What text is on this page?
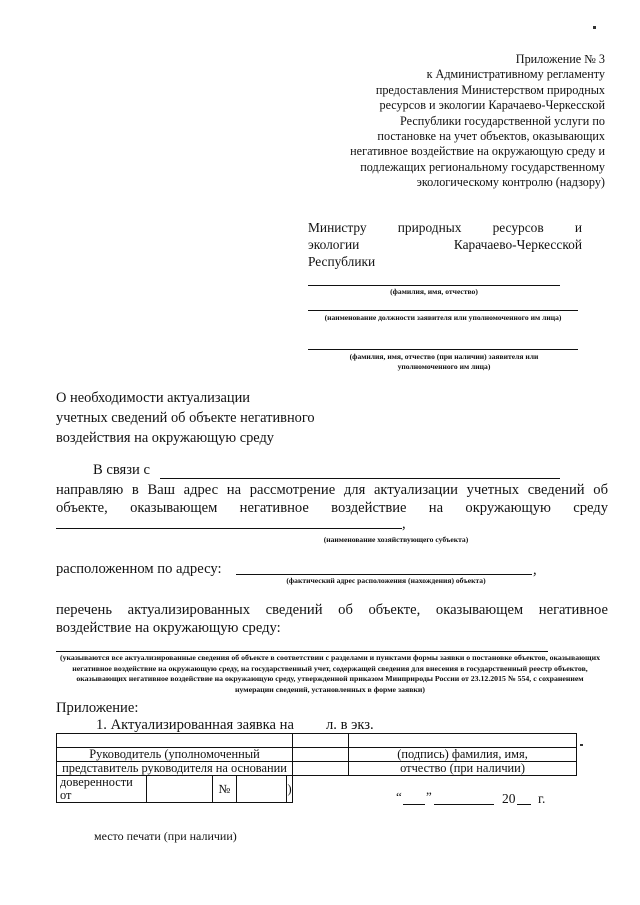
Приложение № 3
к Административному регламенту
предоставления Министерством природных
ресурсов и экологии Карачаево-Черкесской
Республики государственной услуги по
постановке на учет объектов, оказывающих
негативное воздействие на окружающую среду и
подлежащих региональному государственному
экологическому контролю (надзору)
Министру природных ресурсов и
экологии Карачаево-Черкесской
Республики
(фамилия, имя, отчество)
(наименование должности заявителя или уполномоченного им лица)
(фамилия, имя, отчество (при наличии) заявителя или уполномоченного им лица)
О необходимости актуализации
учетных сведений об объекте негативного
воздействия на окружающую среду
В связи с
направляю в Ваш адрес на рассмотрение для актуализации учетных сведений об
объекте, оказывающем негативное воздействие на окружающую среду
,
(наименование хозяйствующего субъекта)
расположенном по адресу:	,
(фактический адрес расположения (нахождения) объекта)
перечень актуализированных сведений об объекте, оказывающем негативное
воздействие на окружающую среду:
(указываются все актуализированные сведения об объекте в соответствии с разделами и пунктами формы заявки о постановке объектов, оказывающих негативное воздействие на окружающую среду, на государственный учет, содержащей сведения для внесения в государственный реестр объектов, оказывающих негативное воздействие на окружающую среду, утвержденной приказом Минприроды России от 23.12.2015 № 554, с сохранением нумерации сведений, установленных в форме заявки)
Приложение:
1. Актуализированная заявка на л. в экз.

Руководитель (уполномоченный						(подпись) фамилия, имя,
представитель руководителя на основании						отчество (при наличии)
доверенности от		№		)		
“ ”	20 г.
место печати (при наличии)
